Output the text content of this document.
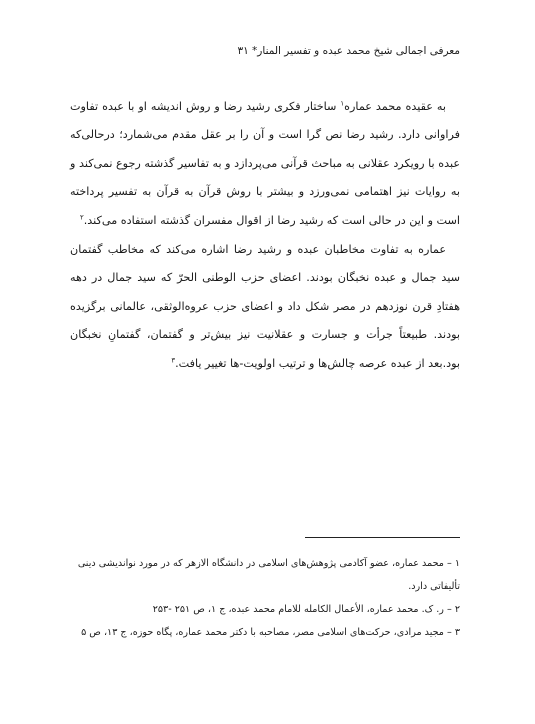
معرفی اجمالی شیخ محمد عبده و تفسیر المنار* ۳۱

به عقیده محمد عماره$^۱$ ساختار فکری رشید رضا و روش اندیشه او با عبده تفاوت فراوانی دارد. رشید رضا نص گرا است و آن را بر عقل مقدم می‌شمارد؛ درحالی‌که عبده با رویکرد عقلانی به مباحث قرآنی می‌پردازد و به تفاسیر گذشته رجوع نمی‌کند و به روایات نیز اهتمامی نمی‌ورزد و بیشتر با روش قرآن به قرآن به تفسیر پرداخته است و این در حالی است که رشید رضا از اقوال مفسران گذشته استفاده می‌کند.$^۲$

عماره به تفاوت مخاطبان عبده و رشید رضا اشاره می‌کند که مخاطب گفتمان سید جمال و عبده نخبگان بودند. اعضای حزب الوطنی الحرّ که سید جمال در دهه هفتادِ قرن نوزدهم در مصر شکل داد و اعضای حزب عروه‌الوثقی، عالمانی برگزیده بودند. طبیعتاً جرأت و جسارت و عقلانیت نیز بیش‌تر و گفتمان، گفتمانِ نخبگان بود.بعد از عبده عرصه چالش‌ها و ترتیب اولویت-ها تغییر یافت.$^۳$

۱ – محمد عماره، عضو آکادمی پژوهش‌های اسلامی در دانشگاه الازهر که در مورد نواندیشی دینی تألیفاتی دارد.
۲ – ر. ک. محمد عماره، الأعمال الکامله للامام محمد عبده، ج ۱، ص ۲۵۱ -۲۵۳
۳ – مجید مرادی، حرکت‌های اسلامی مصر، مصاحبه با دکتر محمد عماره، پگاه حوزه، ج ۱۳، ص ۵
